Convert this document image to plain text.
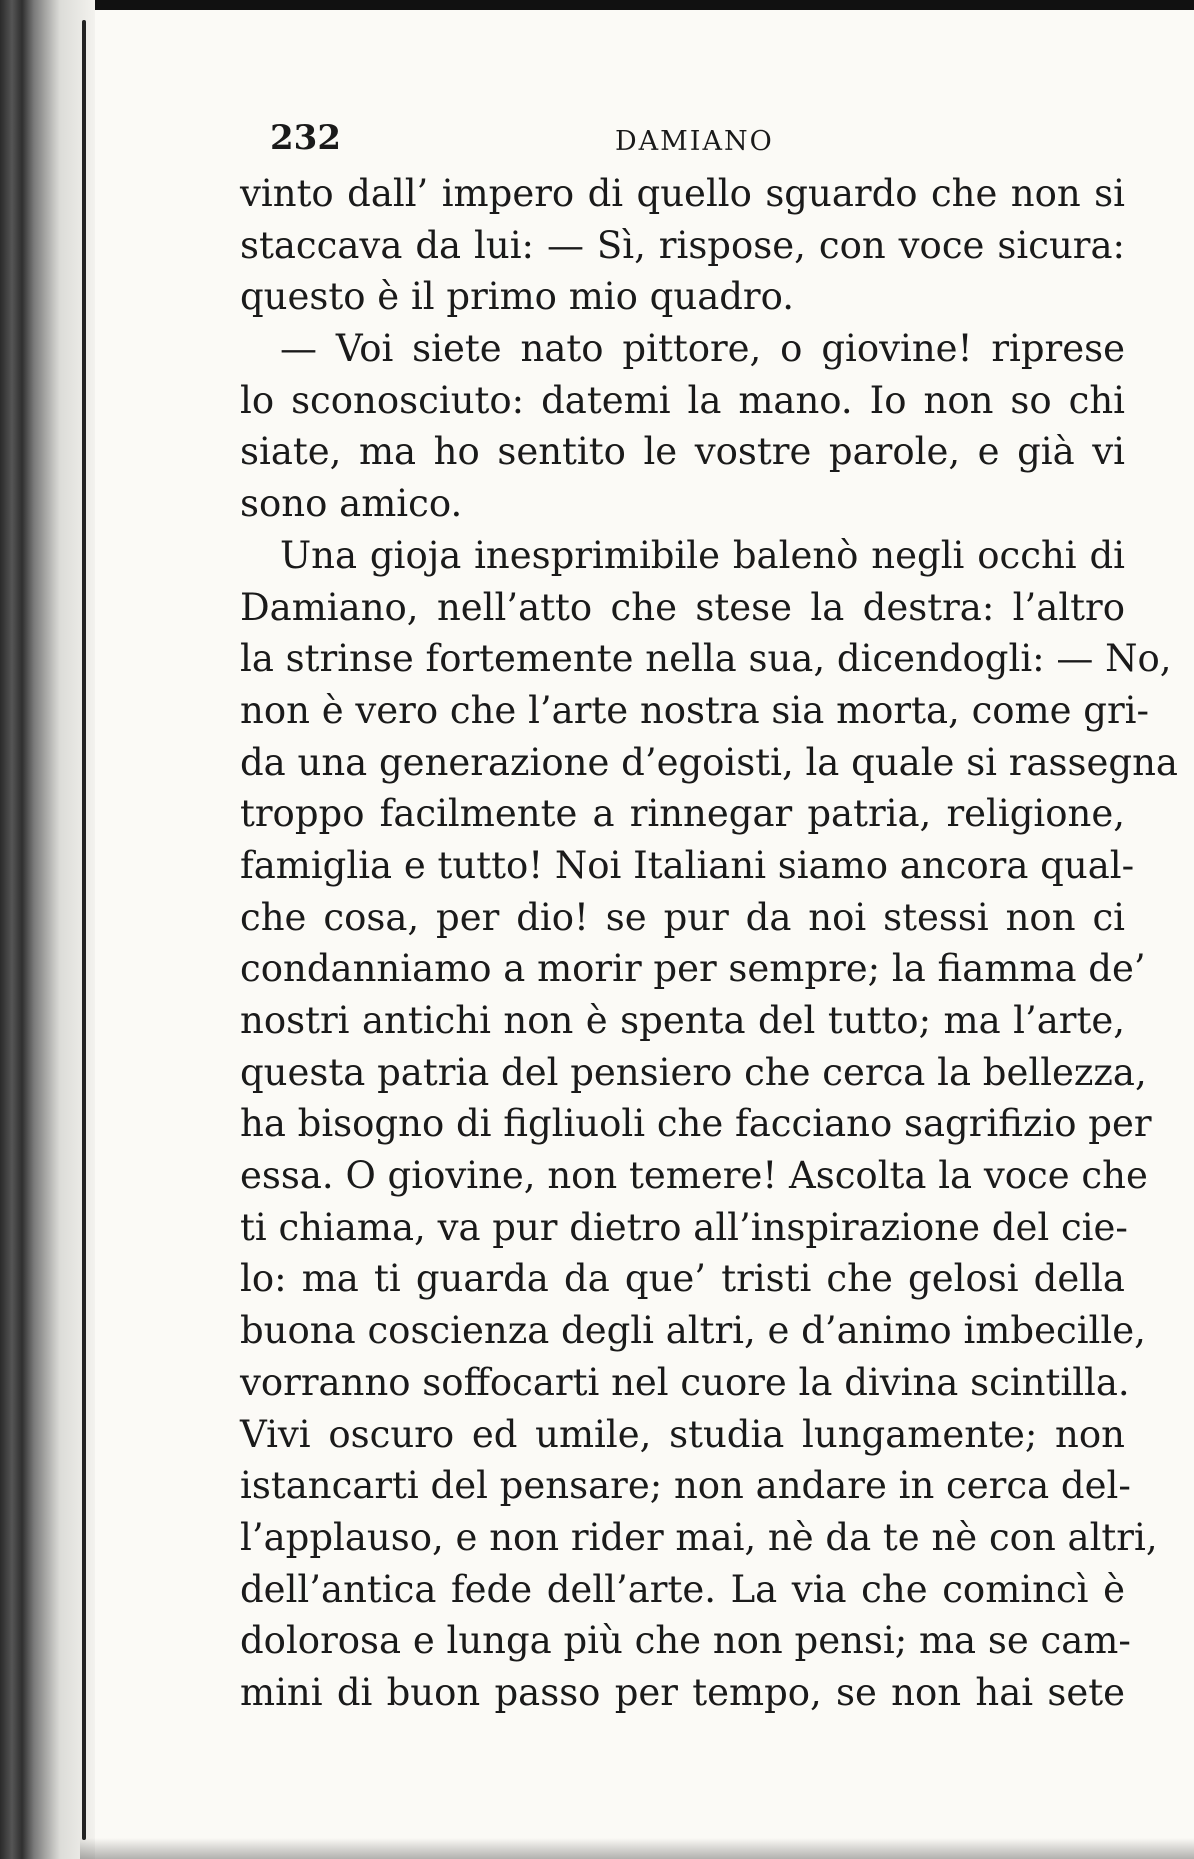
232	DAMIANO
vinto dall’ impero di quello sguardo che non si
staccava da lui: — Sì, rispose, con voce sicura:
questo è il primo mio quadro.
— Voi siete nato pittore, o giovine! riprese
lo sconosciuto: datemi la mano. Io non so chi
siate, ma ho sentito le vostre parole, e già vi
sono amico.
Una gioja inesprimibile balenò negli occhi di
Damiano, nell’atto che stese la destra: l’altro
la strinse fortemente nella sua, dicendogli: — No,
non è vero che l’arte nostra sia morta, come gri-
da una generazione d’egoisti, la quale si rassegna
troppo facilmente a rinnegar patria, religione,
famiglia e tutto! Noi Italiani siamo ancora qual-
che cosa, per dio! se pur da noi stessi non ci
condanniamo a morir per sempre; la fiamma de’
nostri antichi non è spenta del tutto; ma l’arte,
questa patria del pensiero che cerca la bellezza,
ha bisogno di figliuoli che facciano sagrifizio per
essa. O giovine, non temere! Ascolta la voce che
ti chiama, va pur dietro all’inspirazione del cie-
lo: ma ti guarda da que’ tristi che gelosi della
buona coscienza degli altri, e d’animo imbecille,
vorranno soffocarti nel cuore la divina scintilla.
Vivi oscuro ed umile, studia lungamente; non
istancarti del pensare; non andare in cerca del-
l’applauso, e non rider mai, nè da te nè con altri,
dell’antica fede dell’arte. La via che comincì è
dolorosa e lunga più che non pensi; ma se cam-
mini di buon passo per tempo, se non hai sete
